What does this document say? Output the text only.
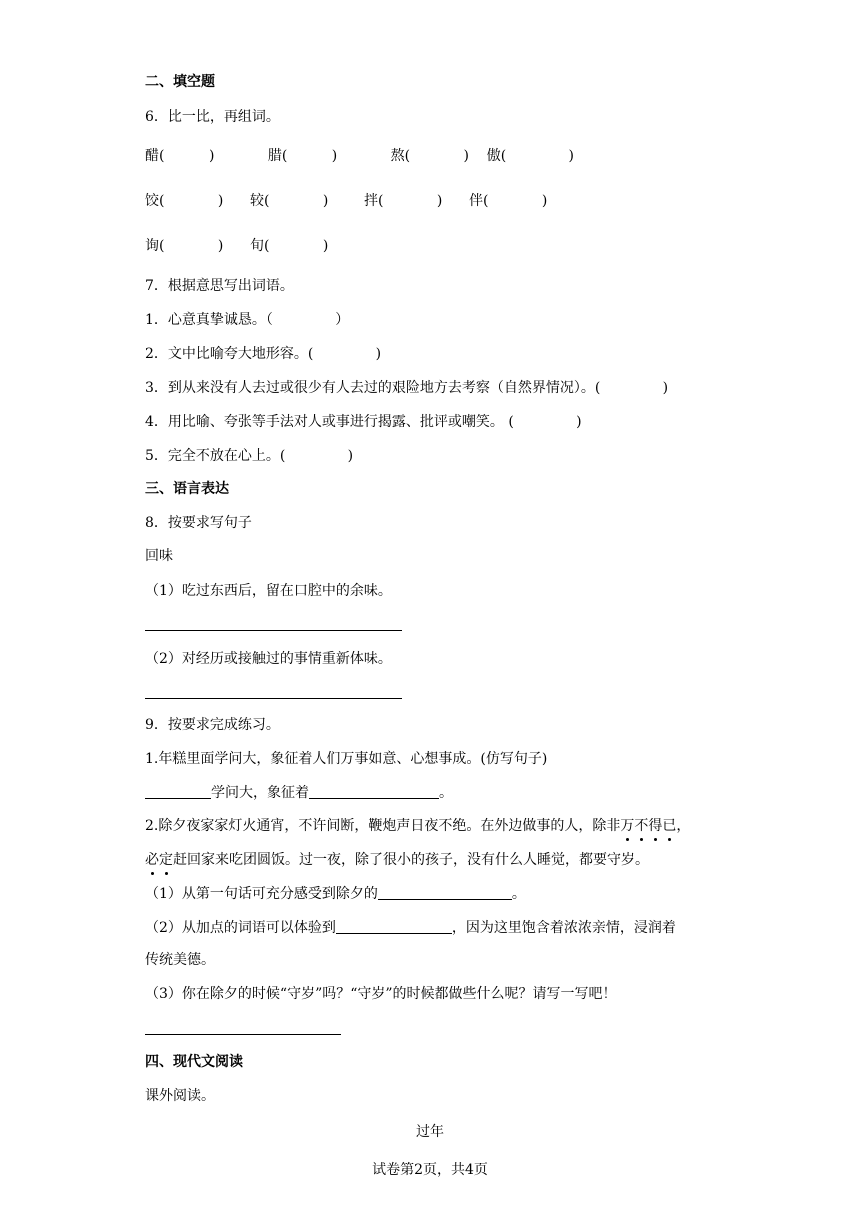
二、填空题
6．比一比，再组词。
醋(          )            腊(          )            熬(            )    傲(              )
饺(            )      较(            )        拌(            )      伴(            )
询(            )      旬(            )
7．根据意思写出词语。
1．心意真挚诚恳。（              ）
2．文中比喻夸大地形容。(              )
3．到从来没有人去过或很少有人去过的艰险地方去考察（自然界情况）。(              )
4．用比喻、夸张等手法对人或事进行揭露、批评或嘲笑。 (              )
5．完全不放在心上。(              )
三、语言表达
8．按要求写句子
回味
（1）吃过东西后，留在口腔中的余味。
（2）对经历或接触过的事情重新体味。
9．按要求完成练习。
1.年糕里面学问大，象征着人们万事如意、心想事成。(仿写句子)
学问大，象征着	。
2.除夕夜家家灯火通宵，不许间断，鞭炮声日夜不绝。在外边做事的人，除非万不得已，
必定赶回家来吃团圆饭。过一夜，除了很小的孩子，没有什么人睡觉，都要守岁。
（1）从第一句话可充分感受到除夕的	。
（2）从加点的词语可以体验到	，因为这里饱含着浓浓亲情，浸润着
传统美德。
（3）你在除夕的时候“守岁”吗？“守岁”的时候都做些什么呢？请写一写吧！
四、现代文阅读
课外阅读。
过年
试卷第2页，共4页
